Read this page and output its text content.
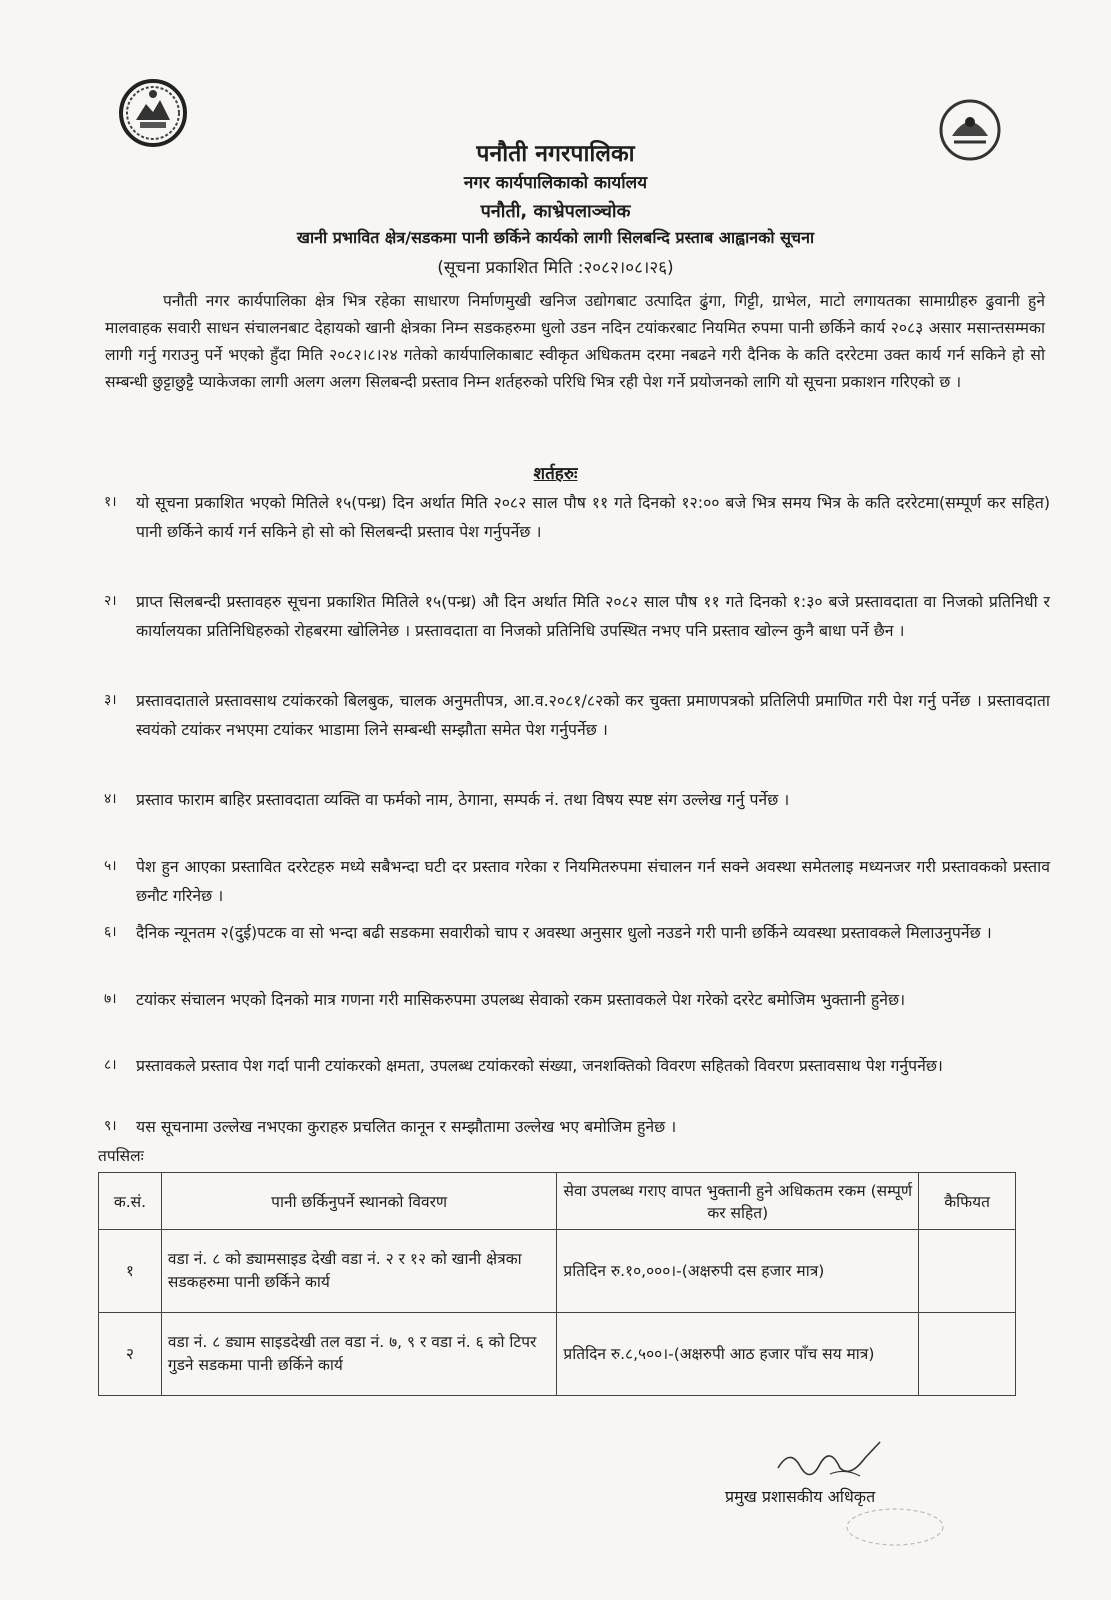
पनौती नगरपालिका
नगर कार्यपालिकाको कार्यालय
पनौती, काभ्रेपलाञ्चोक
खानी प्रभावित क्षेत्र/सडकमा पानी छर्किने कार्यको लागी सिलबन्दि प्रस्ताब आह्वानको सूचना
(सूचना प्रकाशित मिति :२०८२।०८।२६)
पनौती नगर कार्यपालिका क्षेत्र भित्र रहेका साधारण निर्माणमुखी खनिज उद्योगबाट उत्पादित ढुंगा, गिट्टी, ग्राभेल, माटो लगायतका सामाग्रीहरु ढुवानी हुने मालवाहक सवारी साधन संचालनबाट देहायको खानी क्षेत्रका निम्न सडकहरुमा धुलो उडन नदिन टयांकरबाट नियमित रुपमा पानी छर्किने कार्य २०८३ असार मसान्तसम्मका लागी गर्नु गराउनु पर्ने भएको हुँदा मिति २०८२।८।२४ गतेको कार्यपालिकाबाट स्वीकृत अधिकतम दरमा नबढने गरी दैनिक के कति दररेटमा उक्त कार्य गर्न सकिने हो सो सम्बन्धी छुट्टाछुट्टै प्याकेजका लागी अलग अलग सिलबन्दी प्रस्ताव निम्न शर्तहरुको परिधि भित्र रही पेश गर्ने प्रयोजनको लागि यो सूचना प्रकाशन गरिएको छ ।
शर्तहरुः
१।	यो सूचना प्रकाशित भएको मितिले १५(पन्ध्र) दिन अर्थात मिति २०८२ साल पौष ११ गते दिनको १२:०० बजे भित्र समय भित्र के कति दररेटमा(सम्पूर्ण कर सहित) पानी छर्किने कार्य गर्न सकिने हो सो को सिलबन्दी प्रस्ताव पेश गर्नुपर्नेछ ।
२।	प्राप्त सिलबन्दी प्रस्तावहरु सूचना प्रकाशित मितिले १५(पन्ध्र) औ दिन अर्थात मिति २०८२ साल पौष ११ गते दिनको १:३० बजे प्रस्तावदाता वा निजको प्रतिनिधी र कार्यालयका प्रतिनिधिहरुको रोहबरमा खोलिनेछ । प्रस्तावदाता वा निजको प्रतिनिधि उपस्थित नभए पनि प्रस्ताव खोल्न कुनै बाधा पर्ने छैन ।
३।	प्रस्तावदाताले प्रस्तावसाथ टयांकरको बिलबुक, चालक अनुमतीपत्र, आ.व.२०८१/८२को कर चुक्ता प्रमाणपत्रको प्रतिलिपी प्रमाणित गरी पेश गर्नु पर्नेछ । प्रस्तावदाता स्वयंको टयांकर नभएमा टयांकर भाडामा लिने सम्बन्धी सम्झौता समेत पेश गर्नुपर्नेछ ।
४।	प्रस्ताव फाराम बाहिर प्रस्तावदाता व्यक्ति वा फर्मको नाम, ठेगाना, सम्पर्क नं. तथा विषय स्पष्ट संग उल्लेख गर्नु पर्नेछ ।
५।	पेश हुन आएका प्रस्तावित दररेटहरु मध्ये सबैभन्दा घटी दर प्रस्ताव गरेका र नियमितरुपमा संचालन गर्न सक्ने अवस्था समेतलाइ मध्यनजर गरी प्रस्तावकको प्रस्ताव छनौट गरिनेछ ।
६।	दैनिक न्यूनतम २(दुई)पटक वा सो भन्दा बढी सडकमा सवारीको चाप र अवस्था अनुसार धुलो नउडने गरी पानी छर्किने व्यवस्था प्रस्तावकले मिलाउनुपर्नेछ ।
७।	टयांकर संचालन भएको दिनको मात्र गणना गरी मासिकरुपमा उपलब्ध सेवाको रकम प्रस्तावकले पेश गरेको दररेट बमोजिम भुक्तानी हुनेछ।
८।	प्रस्तावकले प्रस्ताव पेश गर्दा पानी टयांकरको क्षमता, उपलब्ध टयांकरको संख्या, जनशक्तिको विवरण सहितको विवरण प्रस्तावसाथ पेश गर्नुपर्नेछ।
९।	यस सूचनामा उल्लेख नभएका कुराहरु प्रचलित कानून र सम्झौतामा उल्लेख भए बमोजिम हुनेछ ।
तपसिलः
क.सं.	पानी छर्किनुपर्ने स्थानको विवरण	सेवा उपलब्ध गराए वापत भुक्तानी हुने अधिकतम रकम (सम्पूर्ण कर सहित)	कैफियत
१	वडा नं. ८ को ड्यामसाइड देखी वडा नं. २ र १२ को खानी क्षेत्रका सडकहरुमा पानी छर्किने कार्य	प्रतिदिन रु.१०,०००।-(अक्षरुपी दस हजार मात्र)	
२	वडा नं. ८ ड्याम साइडदेखी तल वडा नं. ७, ९ र वडा नं. ६ को टिपर गुडने सडकमा पानी छर्किने कार्य	प्रतिदिन रु.८,५००।-(अक्षरुपी आठ हजार पाँच सय मात्र)	
प्रमुख प्रशासकीय अधिकृत
